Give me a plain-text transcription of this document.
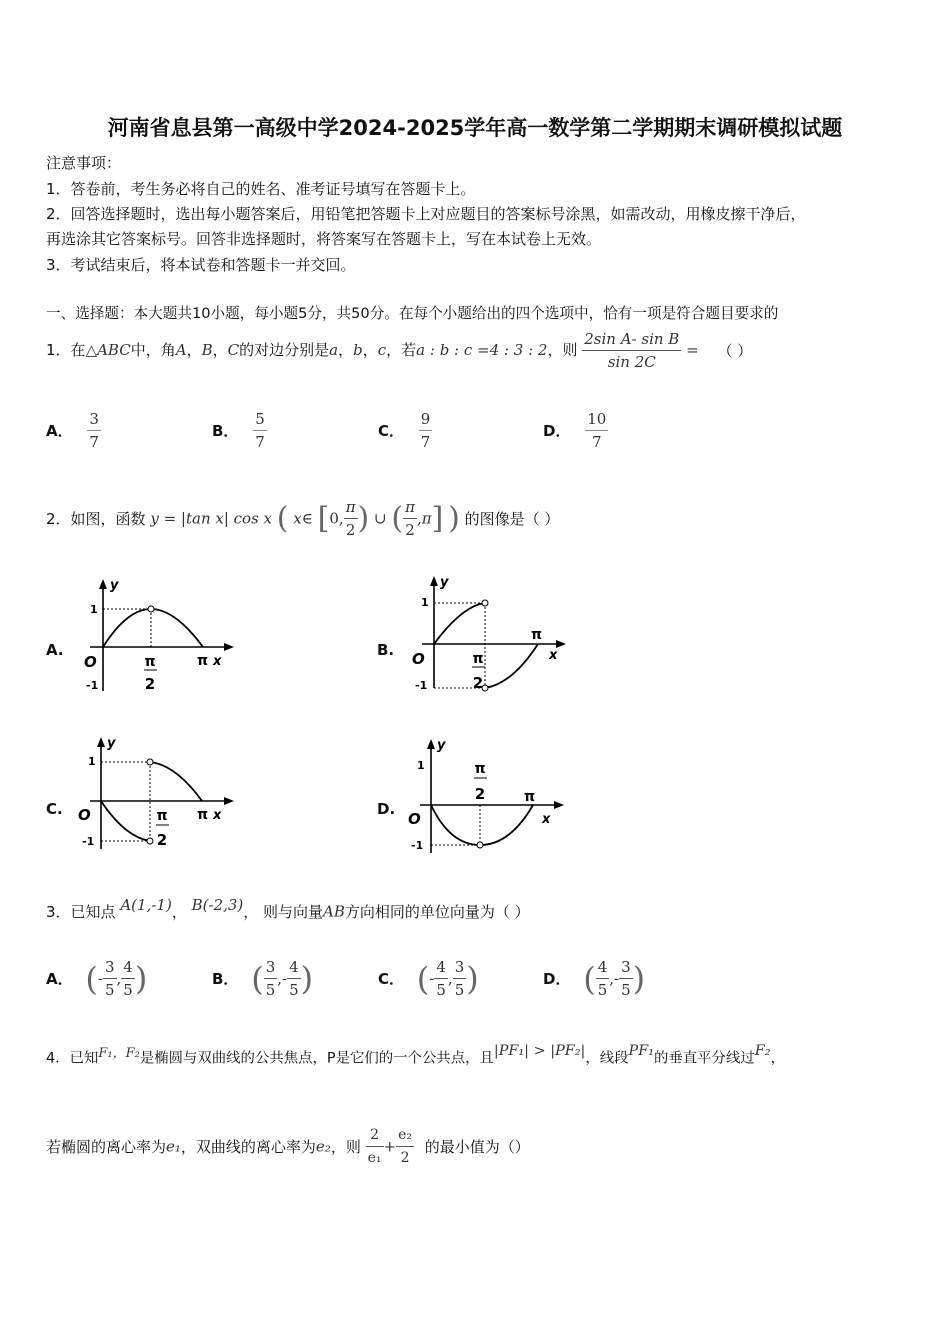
河南省息县第一高级中学2024-2025学年高一数学第二学期期末调研模拟试题
注意事项：
1．答卷前，考生务必将自己的姓名、准考证号填写在答题卡上。
2．回答选择题时，选出每小题答案后，用铅笔把答题卡上对应题目的答案标号涂黑，如需改动，用橡皮擦干净后，
再选涂其它答案标号。回答非选择题时，将答案写在答题卡上，写在本试卷上无效。
3．考试结束后，将本试卷和答题卡一并交回。
一、选择题：本大题共10小题，每小题5分，共50分。在每个小题给出的四个选项中，恰有一项是符合题目要求的
1．在△ABC中，角A，B，C的对边分别是a，b，c，若a : b : c =4 : 3 : 2，则 $\frac{\text{2sin A- sin B}}{\sin 2C}$ = （ ）
A． $\frac{3}{7}$	B． $\frac{5}{7}$	C． $\frac{9}{7}$	D． $\frac{10}{7}$
2．如图，函数 y = |tan x| cos x ( x∈ [0, $\frac{\pi}{2}$ ) ∪ ( $\frac{\pi}{2} ,\pi$] ) 的图像是（ ）
A.
y
1
-1
O	π
2
π x
B.
y
1
-1
O	π
2
π
x
C.
y
1
-1
O	π
2
π x	D.
y
1
-1
O
π
2	π
x
3．已知点 A(1,-1)， B(-2,3)， 则与向量AB方向相同的单位向量为（ ）
A． (- $\frac{3}{5}$ , $\frac{4}{5}$ )	B． ( $\frac{3}{5}$ ,- $\frac{4}{5}$ )	C． (- $\frac{4}{5}$ , $\frac{3}{5}$ )	D． ( $\frac{4}{5}$ ,- $\frac{3}{5}$ )
4．已知F₁，F₂是椭圆与双曲线的公共焦点，P是它们的一个公共点，且|PF₁| > |PF₂|，线段PF₁的垂直平分线过F₂，
若椭圆的离心率为e₁，双曲线的离心率为e₂，则 $\frac{2}{\text{e₁}} + \frac{\text{e₂}}{2}$ 的最小值为（）
